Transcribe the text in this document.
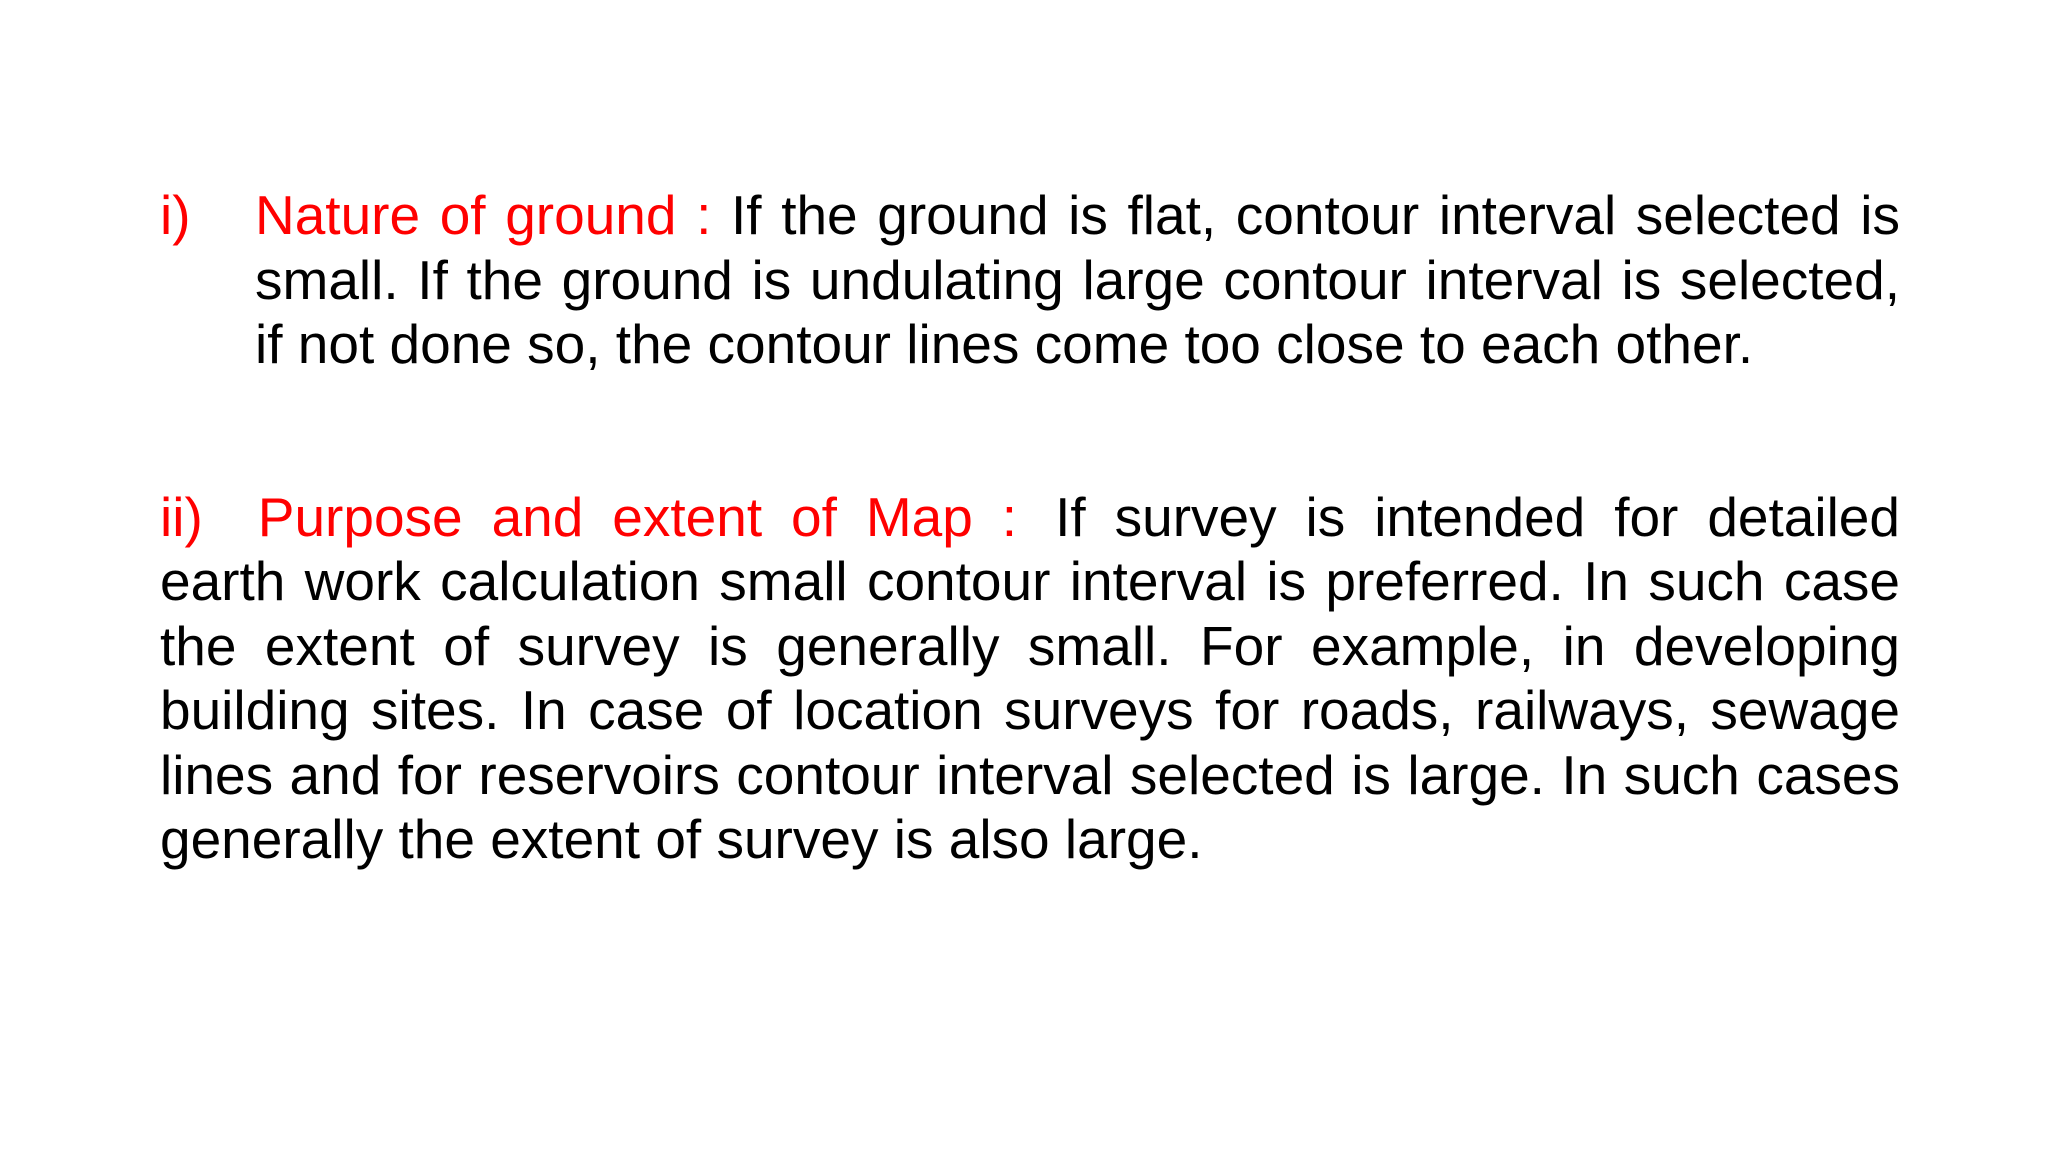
i) Nature of ground : If the ground is flat, contour interval selected is small. If the ground is undulating large contour interval is selected, if not done so, the contour lines come too close to each other.

ii) Purpose and extent of Map : If survey is intended for detailed earth work calculation small contour interval is preferred. In such case the extent of survey is generally small. For example, in developing building sites. In case of location surveys for roads, railways, sewage lines and for reservoirs contour interval selected is large. In such cases generally the extent of survey is also large.
